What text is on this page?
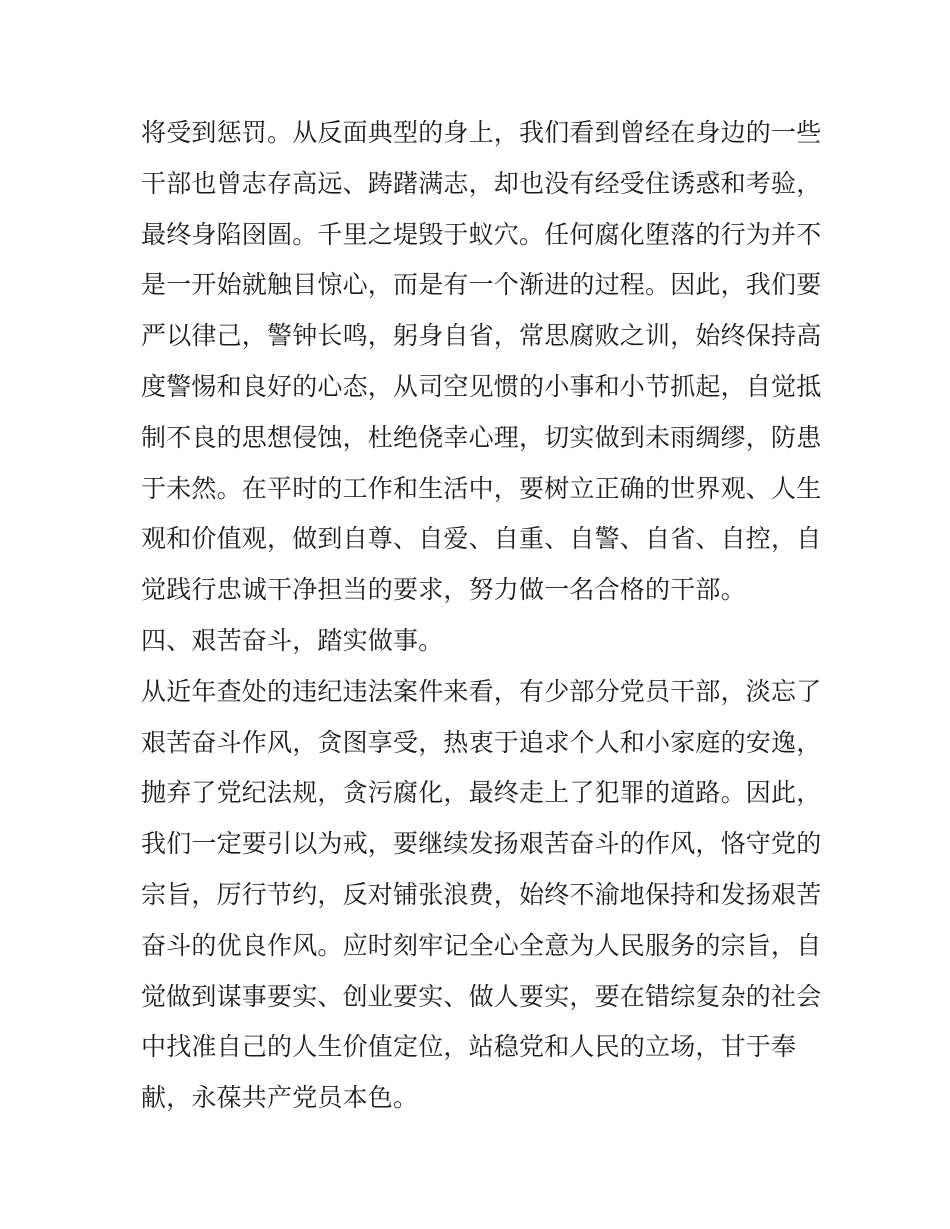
将受到惩罚。从反面典型的身上，我们看到曾经在身边的一些
干部也曾志存高远、踌躇满志，却也没有经受住诱惑和考验，
最终身陷囹圄。千里之堤毁于蚁穴。任何腐化堕落的行为并不
是一开始就触目惊心，而是有一个渐进的过程。因此，我们要
严以律己，警钟长鸣，躬身自省，常思腐败之训，始终保持高
度警惕和良好的心态，从司空见惯的小事和小节抓起，自觉抵
制不良的思想侵蚀，杜绝侥幸心理，切实做到未雨绸缪，防患
于未然。在平时的工作和生活中，要树立正确的世界观、人生
观和价值观，做到自尊、自爱、自重、自警、自省、自控，自
觉践行忠诚干净担当的要求，努力做一名合格的干部。
四、艰苦奋斗，踏实做事。
从近年查处的违纪违法案件来看，有少部分党员干部，淡忘了
艰苦奋斗作风，贪图享受，热衷于追求个人和小家庭的安逸，
抛弃了党纪法规，贪污腐化，最终走上了犯罪的道路。因此，
我们一定要引以为戒，要继续发扬艰苦奋斗的作风，恪守党的
宗旨，厉行节约，反对铺张浪费，始终不渝地保持和发扬艰苦
奋斗的优良作风。应时刻牢记全心全意为人民服务的宗旨，自
觉做到谋事要实、创业要实、做人要实，要在错综复杂的社会
中找准自己的人生价值定位，站稳党和人民的立场，甘于奉
献，永葆共产党员本色。
